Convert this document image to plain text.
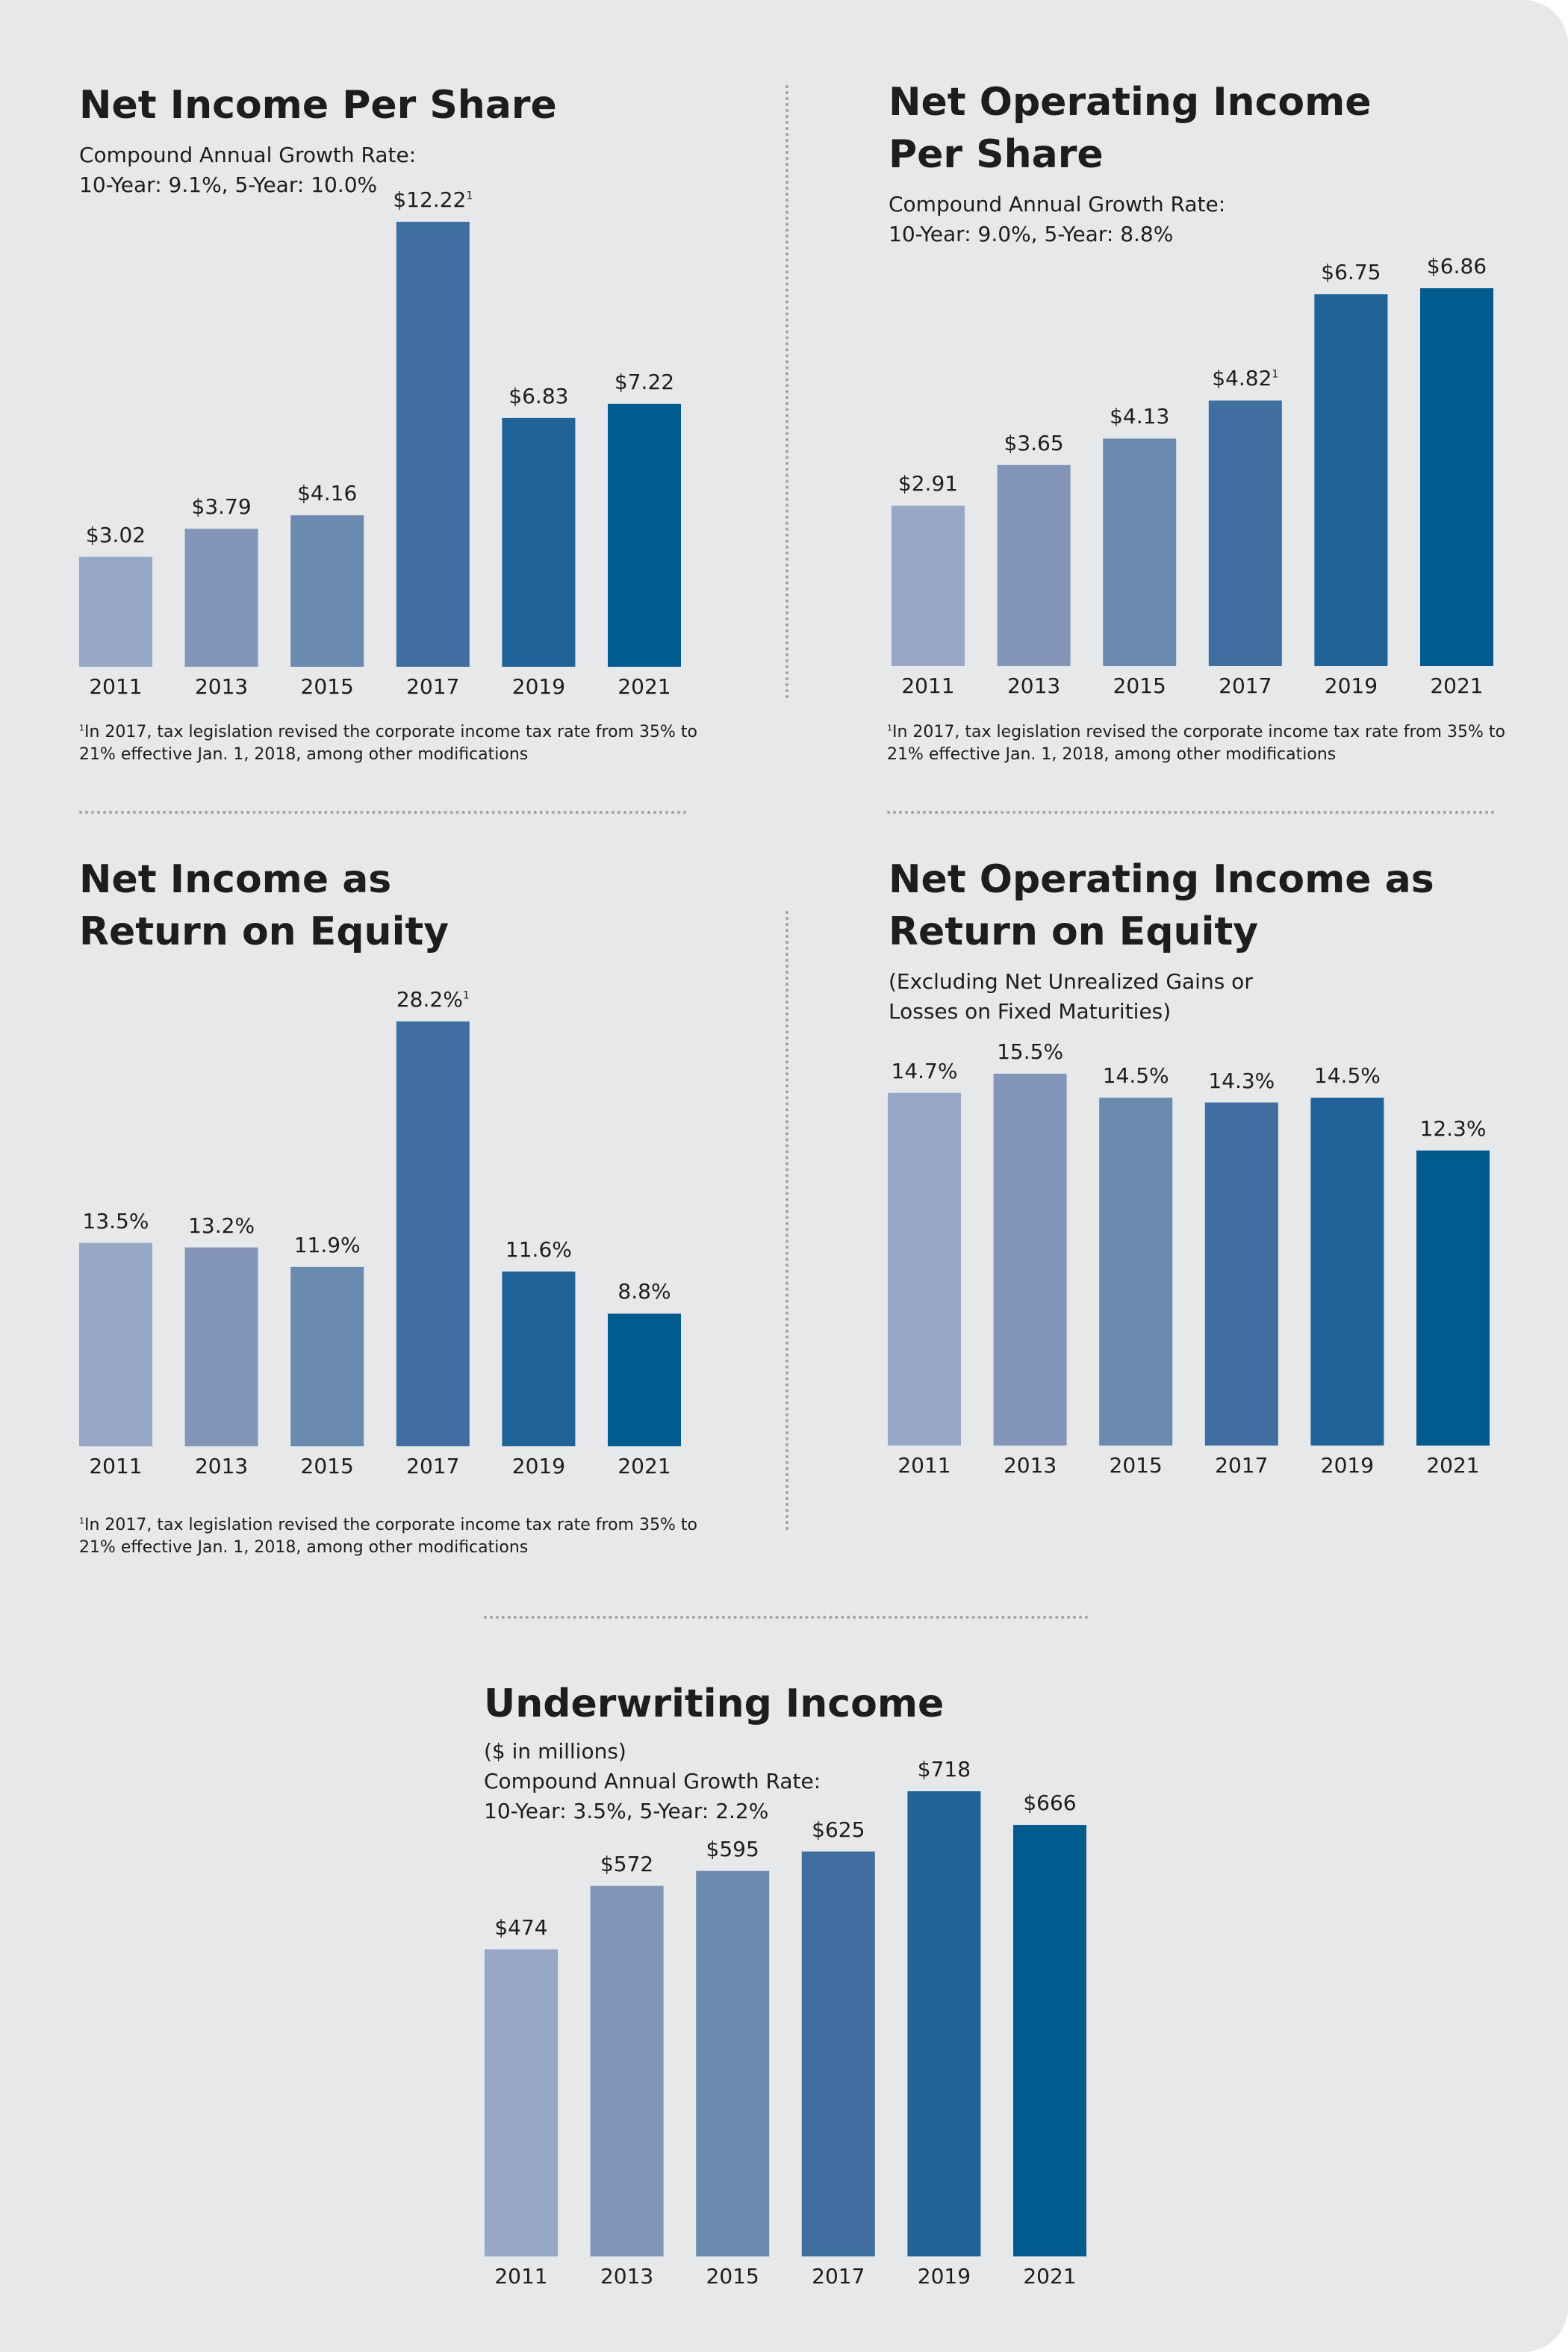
Net Income Per Share
Compound Annual Growth Rate:
10-Year: 9.1%, 5-Year: 10.0%
$3.02
2011
$3.79
2013
$4.16
2015
$12.22$^1$
2017
$6.83
2019
$7.22
2021
$^1$In 2017, tax legislation revised the corporate income tax rate from 35% to 21% effective Jan. 1, 2018, among other modifications
Net Operating Income
Per Share
Compound Annual Growth Rate:
10-Year: 9.0%, 5-Year: 8.8%
$2.91
2011
$3.65
2013
$4.13
2015
$4.82$^1$
2017
$6.75
2019
$6.86
2021
$^1$In 2017, tax legislation revised the corporate income tax rate from 35% to 21% effective Jan. 1, 2018, among other modifications
Net Income as
Return on Equity
13.5%
2011
13.2%
2013
11.9%
2015
28.2%$^1$
2017
11.6%
2019
8.8%
2021
$^1$In 2017, tax legislation revised the corporate income tax rate from 35% to 21% effective Jan. 1, 2018, among other modifications
Net Operating Income as
Return on Equity
(Excluding Net Unrealized Gains or
Losses on Fixed Maturities)
14.7%
2011
15.5%
2013
14.5%
2015
14.3%
2017
14.5%
2019
12.3%
2021
Underwriting Income
($ in millions)
Compound Annual Growth Rate:
10-Year: 3.5%, 5-Year: 2.2%
$474
2011
$572
2013
$595
2015
$625
2017
$718
2019
$666
2021
